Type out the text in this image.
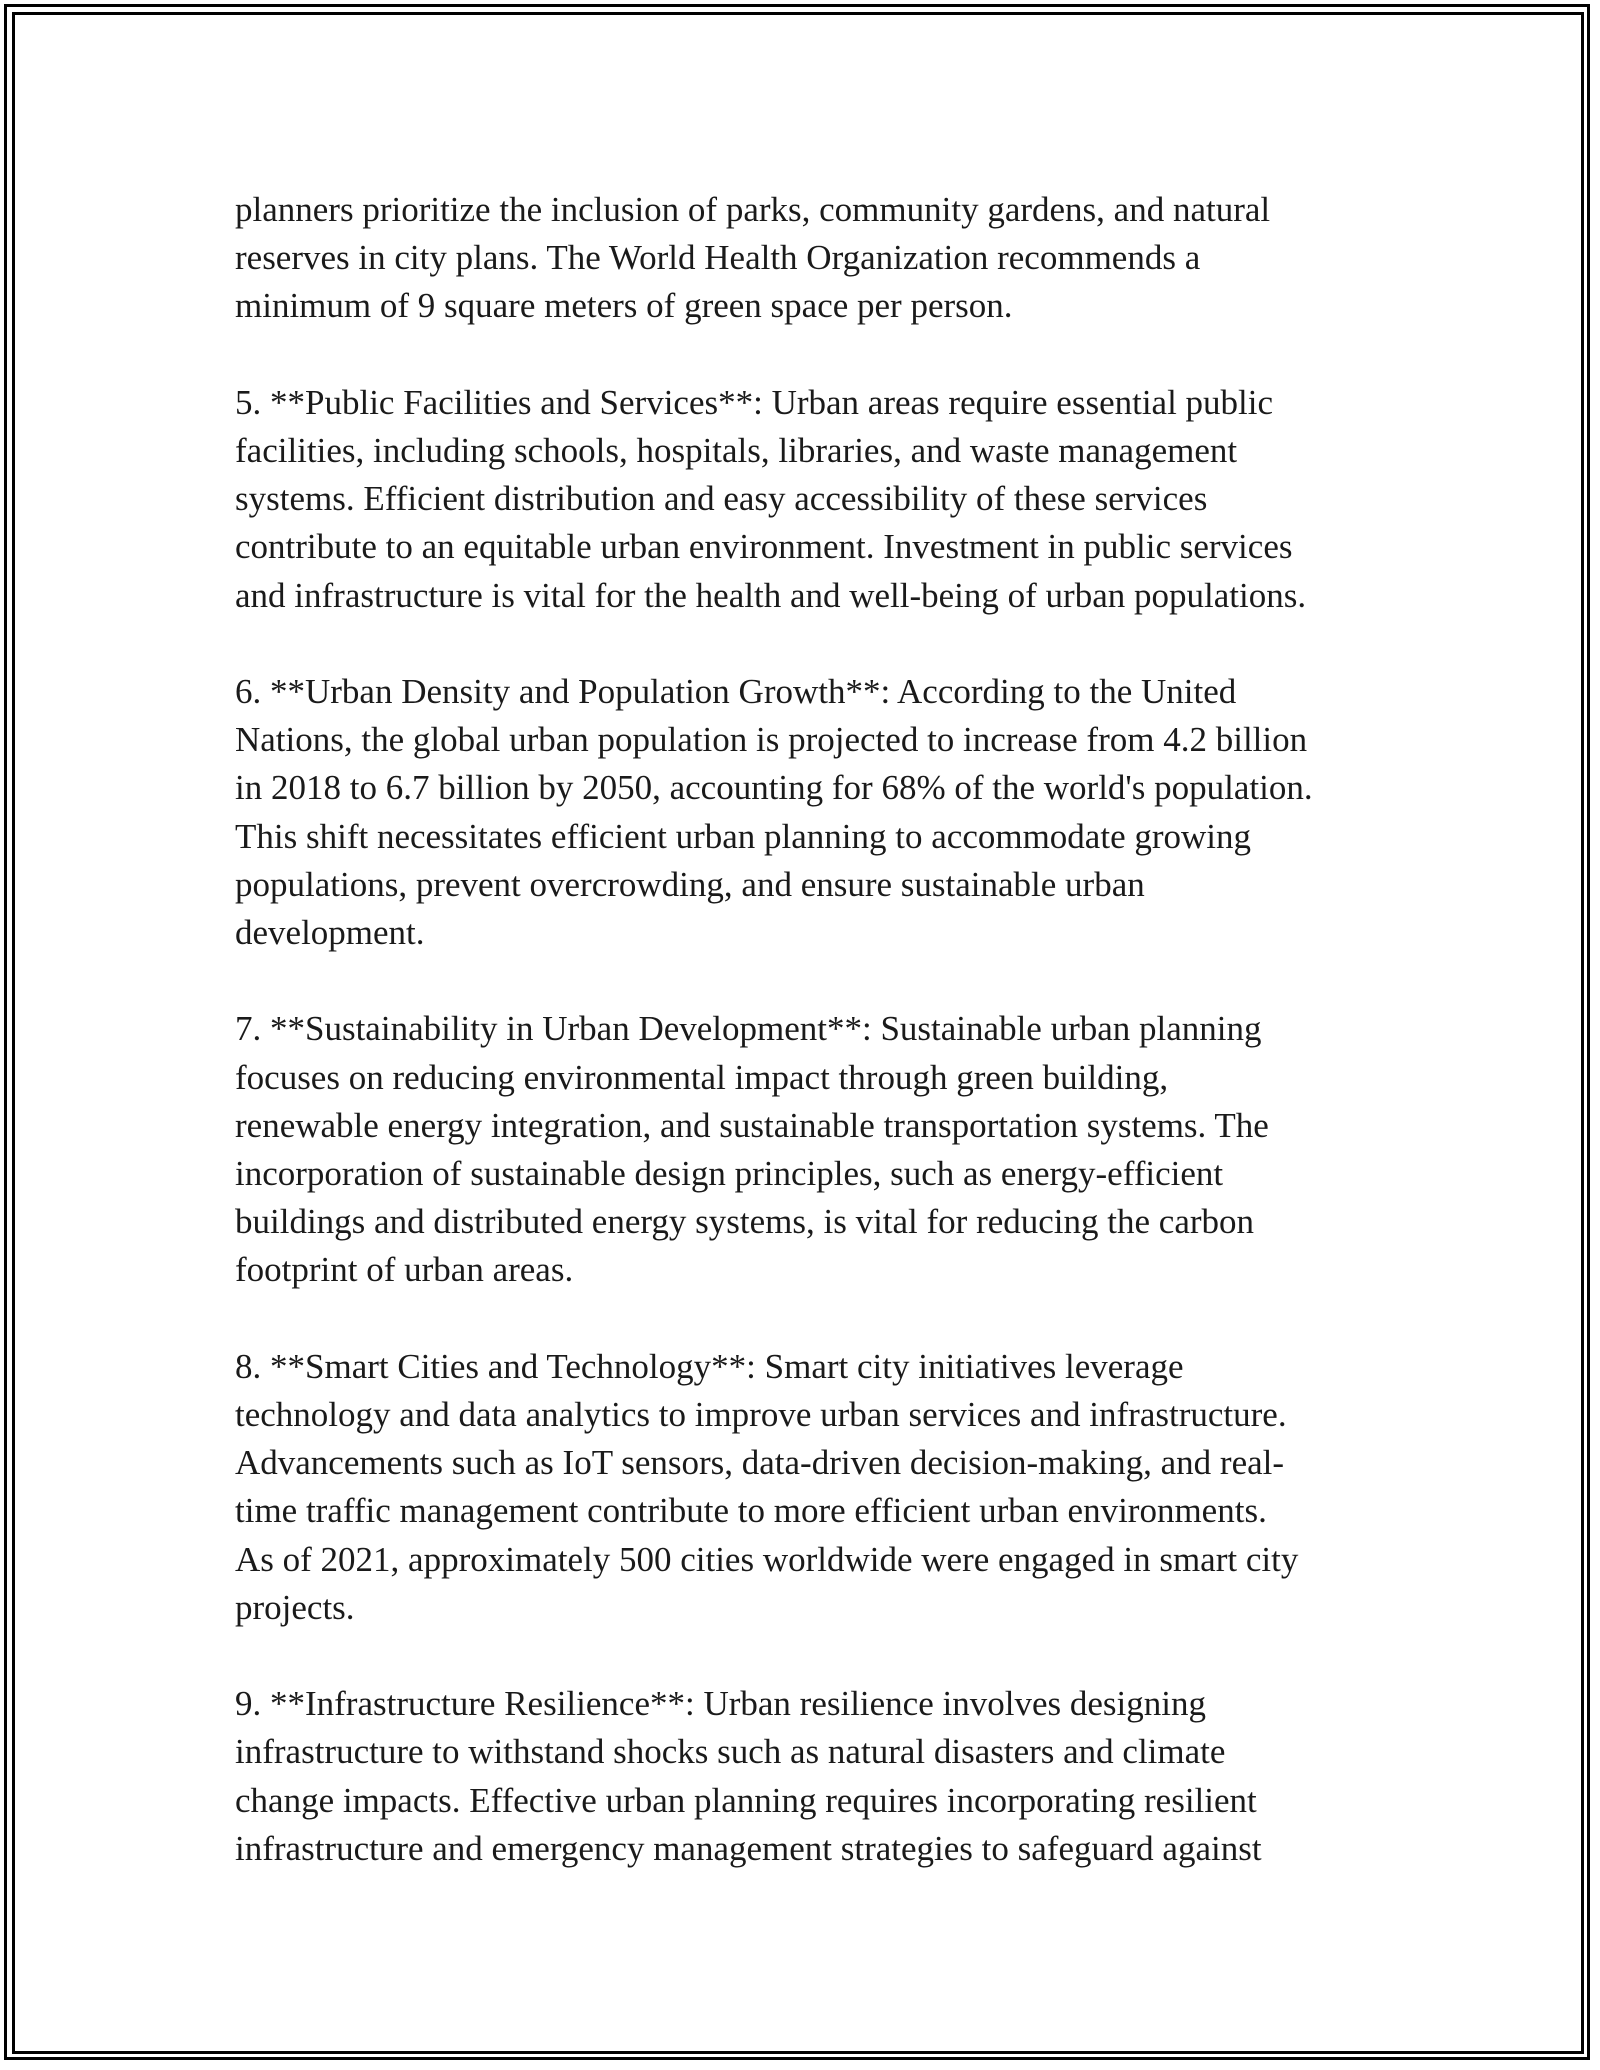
planners prioritize the inclusion of parks, community gardens, and natural
reserves in city plans. The World Health Organization recommends a
minimum of 9 square meters of green space per person.

5. **Public Facilities and Services**: Urban areas require essential public
facilities, including schools, hospitals, libraries, and waste management
systems. Efficient distribution and easy accessibility of these services
contribute to an equitable urban environment. Investment in public services
and infrastructure is vital for the health and well-being of urban populations.

6. **Urban Density and Population Growth**: According to the United
Nations, the global urban population is projected to increase from 4.2 billion
in 2018 to 6.7 billion by 2050, accounting for 68% of the world's population.
This shift necessitates efficient urban planning to accommodate growing
populations, prevent overcrowding, and ensure sustainable urban
development.

7. **Sustainability in Urban Development**: Sustainable urban planning
focuses on reducing environmental impact through green building,
renewable energy integration, and sustainable transportation systems. The
incorporation of sustainable design principles, such as energy-efficient
buildings and distributed energy systems, is vital for reducing the carbon
footprint of urban areas.

8. **Smart Cities and Technology**: Smart city initiatives leverage
technology and data analytics to improve urban services and infrastructure.
Advancements such as IoT sensors, data-driven decision-making, and real-
time traffic management contribute to more efficient urban environments.
As of 2021, approximately 500 cities worldwide were engaged in smart city
projects.

9. **Infrastructure Resilience**: Urban resilience involves designing
infrastructure to withstand shocks such as natural disasters and climate
change impacts. Effective urban planning requires incorporating resilient
infrastructure and emergency management strategies to safeguard against
